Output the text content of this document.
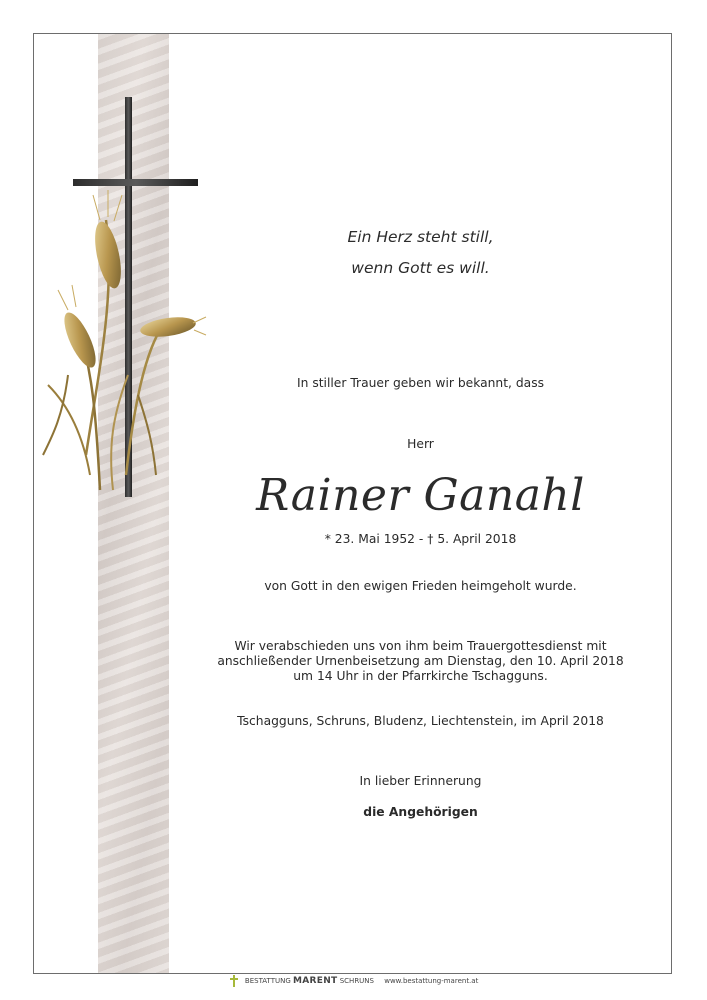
Ein Herz steht still,
wenn Gott es will.
In stiller Trauer geben wir bekannt, dass
Herr
Rainer Ganahl
* 23. Mai 1952 - † 5. April 2018
von Gott in den ewigen Frieden heimgeholt wurde.
Wir verabschieden uns von ihm beim Trauergottesdienst mit
anschließender Urnenbeisetzung am Dienstag, den 10. April 2018
um 14 Uhr in der Pfarrkirche Tschagguns.
Tschagguns, Schruns, Bludenz, Liechtenstein, im April 2018
In lieber Erinnerung
die Angehörigen
BESTATTUNG MARENT SCHRUNS www.bestattung-marent.at
